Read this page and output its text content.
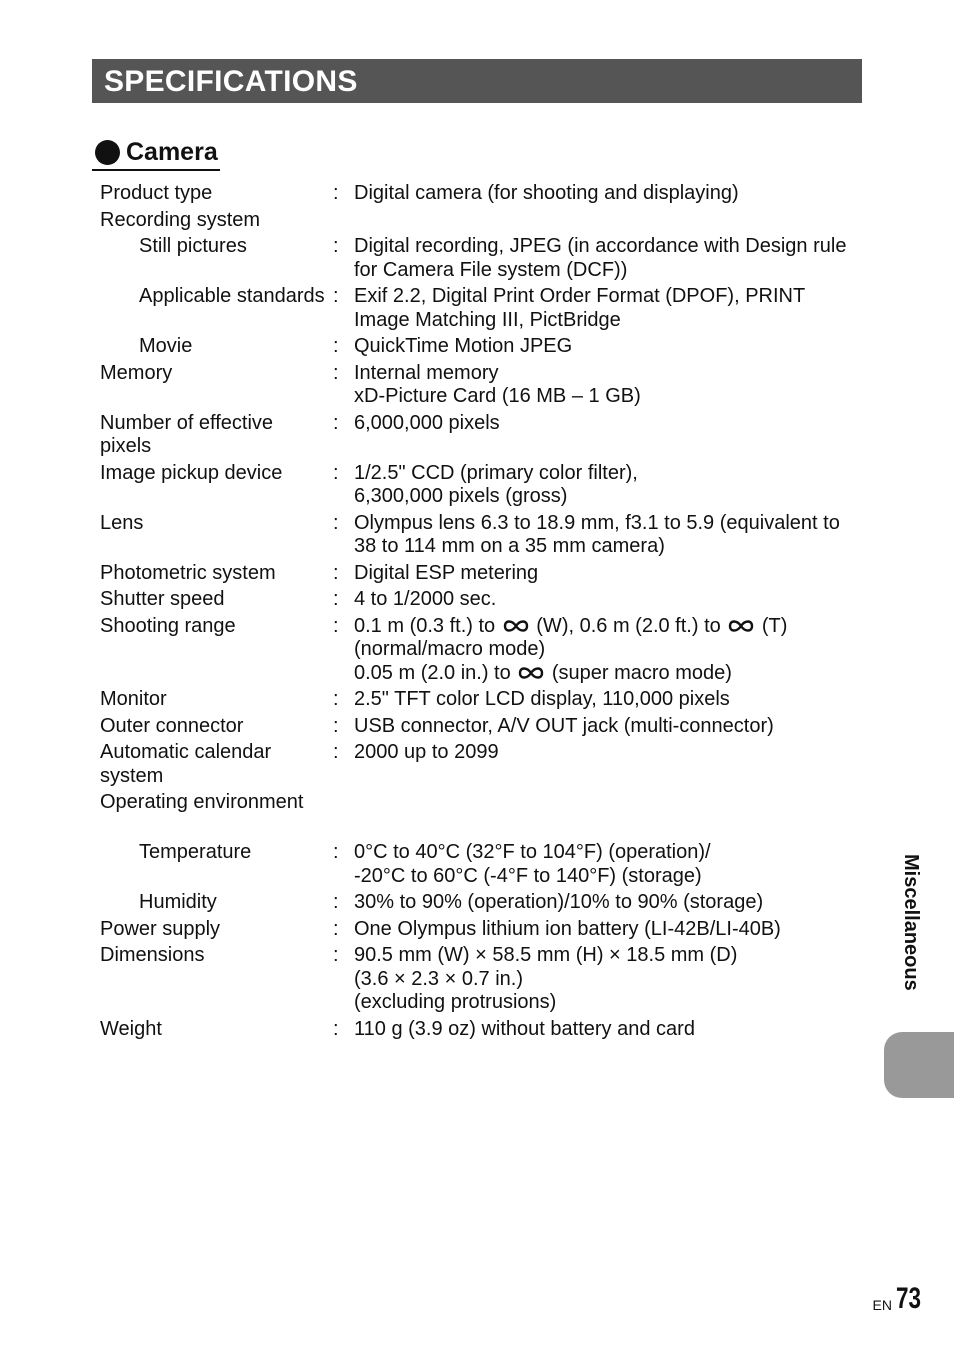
SPECIFICATIONS
Camera
Product type	: Digital camera (for shooting and displaying)
Recording system
Still pictures	: Digital recording, JPEG (in accordance with Design rule
for Camera File system (DCF))
Applicable standards : Exif 2.2, Digital Print Order Format (DPOF), PRINT
Image Matching III, PictBridge
Movie	: QuickTime Motion JPEG
Memory	: Internal memory
xD-Picture Card (16 MB – 1 GB)
Number of effective pixels
: 6,000,000 pixels
Image pickup device	: 1/2.5" CCD (primary color filter),
6,300,000 pixels (gross)
Lens	: Olympus lens 6.3 to 18.9 mm, f3.1 to 5.9 (equivalent to
38 to 114 mm on a 35 mm camera)
Photometric system	: Digital ESP metering
Shutter speed	: 4 to 1/2000 sec.
Shooting range	: 0.1 m (0.3 ft.) to  (W), 0.6 m (2.0 ft.) to  (T)
(normal/macro mode)
0.05 m (2.0 in.) to  (super macro mode)
Monitor	: 2.5" TFT color LCD display, 110,000 pixels
Outer connector	: USB connector, A/V OUT jack (multi-connector)
Automatic calendar system
: 2000 up to 2099
Operating environment
Temperature	: 0°C to 40°C (32°F to 104°F) (operation)/
-20°C to 60°C (-4°F to 140°F) (storage)
Humidity	: 30% to 90% (operation)/10% to 90% (storage)
Power supply	: One Olympus lithium ion battery (LI-42B/LI-40B)
Dimensions	: 90.5 mm (W) × 58.5 mm (H) × 18.5 mm (D)
(3.6 × 2.3 × 0.7 in.)
(excluding protrusions)
Weight	: 110 g (3.9 oz) without battery and card
Miscellaneous
EN 73
